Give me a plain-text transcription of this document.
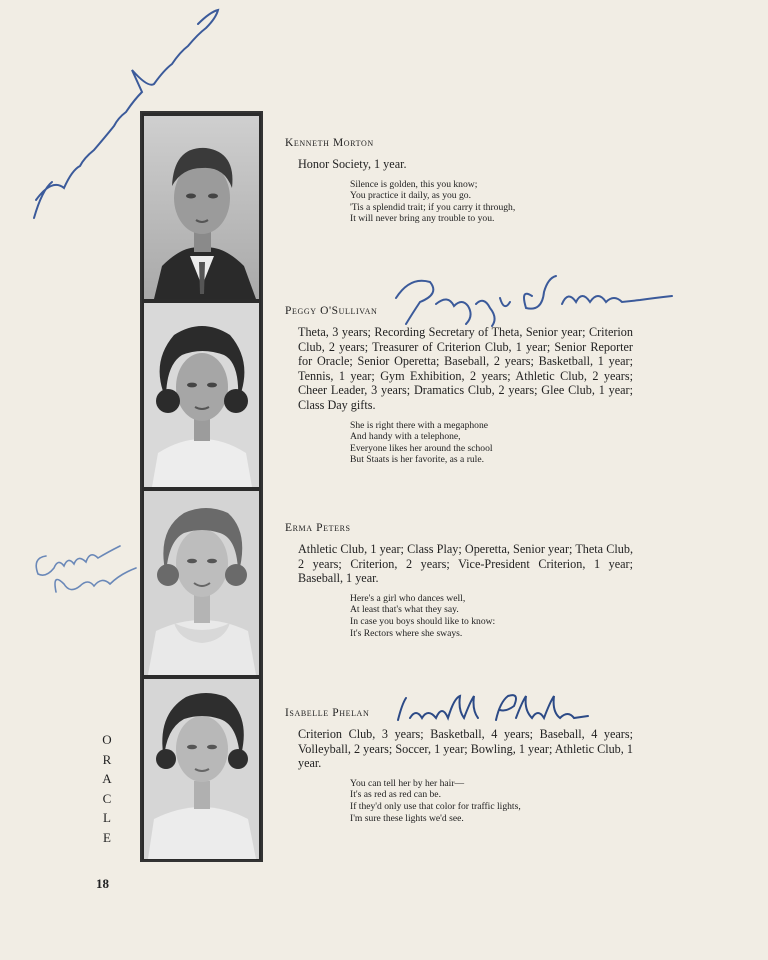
Kenneth Morton

Honor Society, 1 year.

Silence is golden, this you know;
You practice it daily, as you go.
'Tis a splendid trait; if you carry it through,
It will never bring any trouble to you.

Peggy O'Sullivan

Theta, 3 years; Recording Secretary of Theta, Senior year; Criterion Club, 2 years; Treasurer of Criterion Club, 1 year; Senior Reporter for Oracle; Senior Operetta; Baseball, 2 years; Basketball, 1 year; Tennis, 1 year; Gym Exhibition, 2 years; Athletic Club, 2 years; Cheer Leader, 3 years; Dramatics Club, 2 years; Glee Club, 1 year; Class Day gifts.

She is right there with a megaphone
And handy with a telephone,
Everyone likes her around the school
But Staats is her favorite, as a rule.

Erma Peters

Athletic Club, 1 year; Class Play; Operetta, Senior year; Theta Club, 2 years; Criterion, 2 years; Vice-President Criterion, 1 year; Baseball, 1 year.

Here's a girl who dances well,
At least that's what they say.
In case you boys should like to know:
It's Rectors where she sways.

Isabelle Phelan

Criterion Club, 3 years; Basketball, 4 years; Baseball, 4 years; Volleyball, 2 years; Soccer, 1 year; Bowling, 1 year; Athletic Club, 1 year.

You can tell her by her hair—
It's as red as red can be.
If they'd only use that color for traffic lights,
I'm sure these lights we'd see.
O
R
A
C
L
E
18
